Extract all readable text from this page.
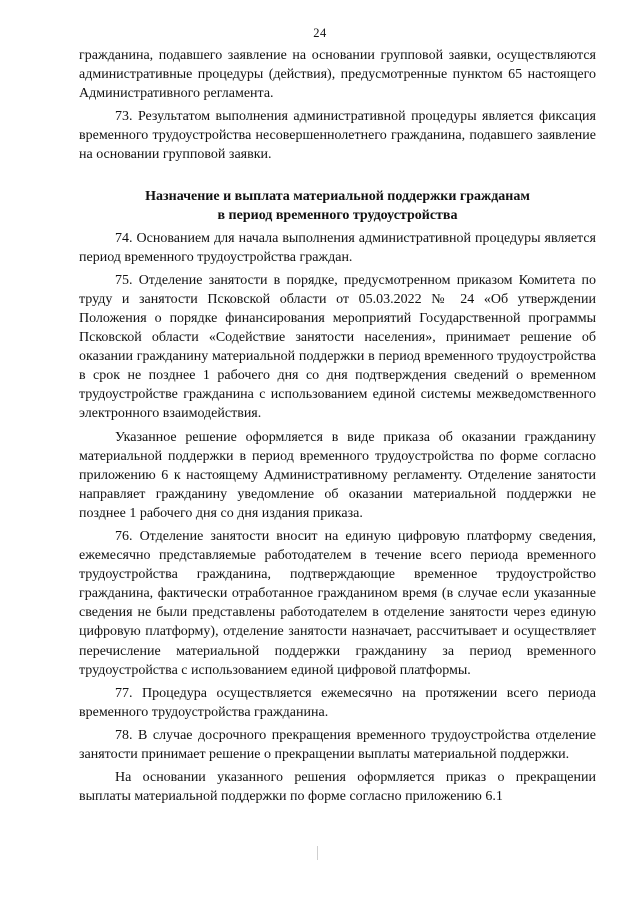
24

гражданина, подавшего заявление на основании групповой заявки, осуществляются административные процедуры (действия), предусмотренные пунктом 65 настоящего Административного регламента.

73. Результатом выполнения административной процедуры является фиксация временного трудоустройства несовершеннолетнего гражданина, подавшего заявление на основании групповой заявки.

Назначение и выплата материальной поддержки гражданам
в период временного трудоустройства

74. Основанием для начала выполнения административной процедуры является период временного трудоустройства граждан.

75. Отделение занятости в порядке, предусмотренном приказом Комитета по труду и занятости Псковской области от 05.03.2022 № 24 «Об утверждении Положения о порядке финансирования мероприятий Государственной программы Псковской области «Содействие занятости населения», принимает решение об оказании гражданину материальной поддержки в период временного трудоустройства в срок не позднее 1 рабочего дня со дня подтверждения сведений о временном трудоустройстве гражданина с использованием единой системы межведомственного электронного взаимодействия.

Указанное решение оформляется в виде приказа об оказании гражданину материальной поддержки в период временного трудоустройства по форме согласно приложению 6 к настоящему Административному регламенту. Отделение занятости направляет гражданину уведомление об оказании материальной поддержки не позднее 1 рабочего дня со дня издания приказа.

76. Отделение занятости вносит на единую цифровую платформу сведения, ежемесячно представляемые работодателем в течение всего периода временного трудоустройства гражданина, подтверждающие временное трудоустройство гражданина, фактически отработанное гражданином время (в случае если указанные сведения не были представлены работодателем в отделение занятости через единую цифровую платформу), отделение занятости назначает, рассчитывает и осуществляет перечисление материальной поддержки гражданину за период временного трудоустройства с использованием единой цифровой платформы.

77. Процедура осуществляется ежемесячно на протяжении всего периода временного трудоустройства гражданина.

78. В случае досрочного прекращения временного трудоустройства отделение занятости принимает решение о прекращении выплаты материальной поддержки.

На основании указанного решения оформляется приказ о прекращении выплаты материальной поддержки по форме согласно приложению 6.1
